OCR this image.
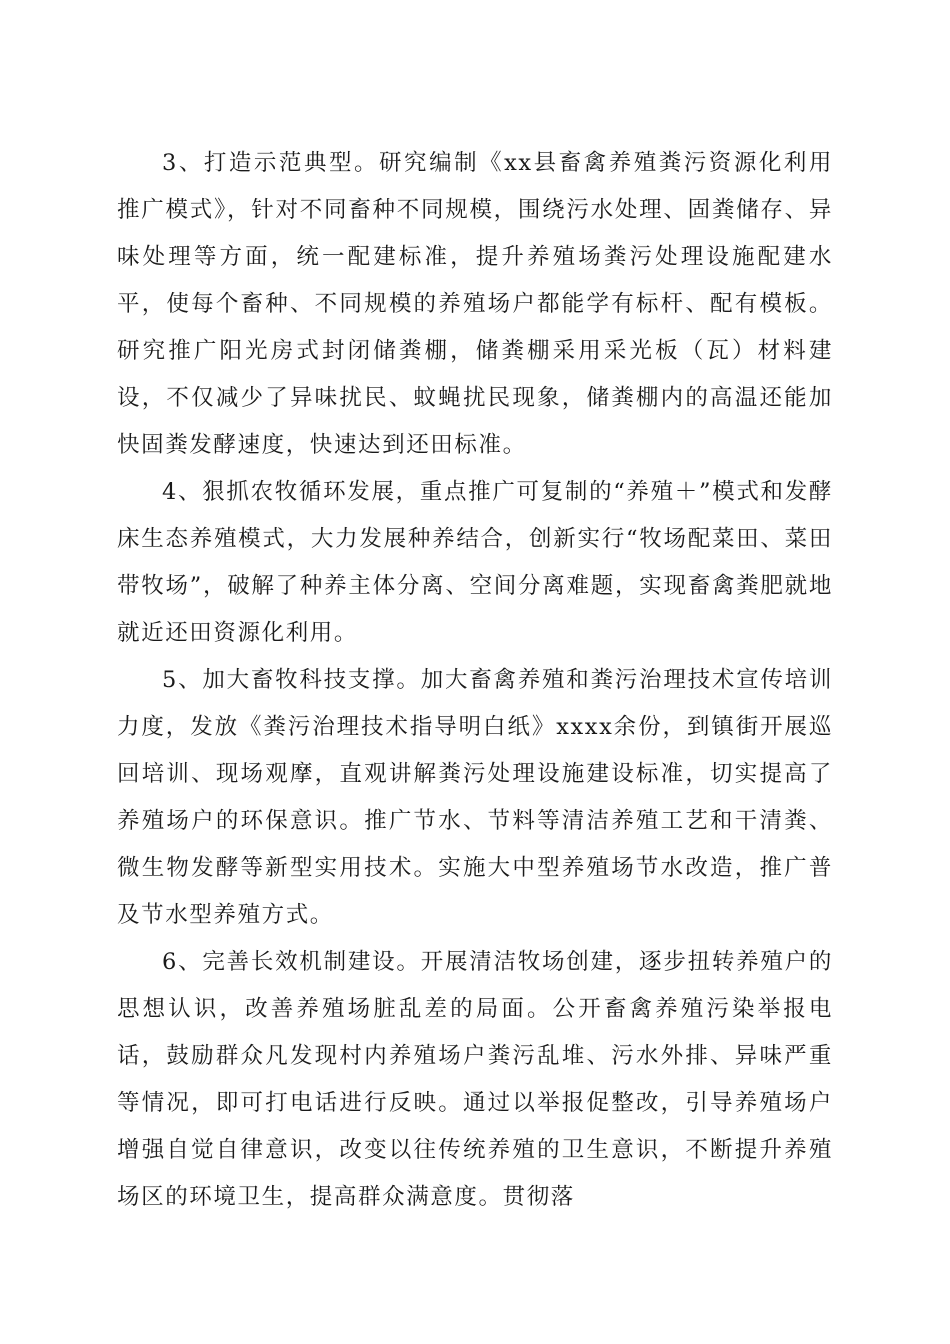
3、打造示范典型。研究编制《xx县畜禽养殖粪污资源化利用推广模式》，针对不同畜种不同规模，围绕污水处理、固粪储存、异味处理等方面，统一配建标准，提升养殖场粪污处理设施配建水平，使每个畜种、不同规模的养殖场户都能学有标杆、配有模板。研究推广阳光房式封闭储粪棚，储粪棚采用采光板（瓦）材料建设，不仅减少了异味扰民、蚊蝇扰民现象，储粪棚内的高温还能加快固粪发酵速度，快速达到还田标准。

4、狠抓农牧循环发展，重点推广可复制的“养殖＋”模式和发酵床生态养殖模式，大力发展种养结合，创新实行“牧场配菜田、菜田带牧场”，破解了种养主体分离、空间分离难题，实现畜禽粪肥就地就近还田资源化利用。

5、加大畜牧科技支撑。加大畜禽养殖和粪污治理技术宣传培训力度，发放《粪污治理技术指导明白纸》xxxx余份，到镇街开展巡回培训、现场观摩，直观讲解粪污处理设施建设标准，切实提高了养殖场户的环保意识。推广节水、节料等清洁养殖工艺和干清粪、微生物发酵等新型实用技术。实施大中型养殖场节水改造，推广普及节水型养殖方式。

6、完善长效机制建设。开展清洁牧场创建，逐步扭转养殖户的思想认识，改善养殖场脏乱差的局面。公开畜禽养殖污染举报电话，鼓励群众凡发现村内养殖场户粪污乱堆、污水外排、异味严重等情况，即可打电话进行反映。通过以举报促整改，引导养殖场户增强自觉自律意识，改变以往传统养殖的卫生意识，不断提升养殖场区的环境卫生，提高群众满意度。贯彻落
